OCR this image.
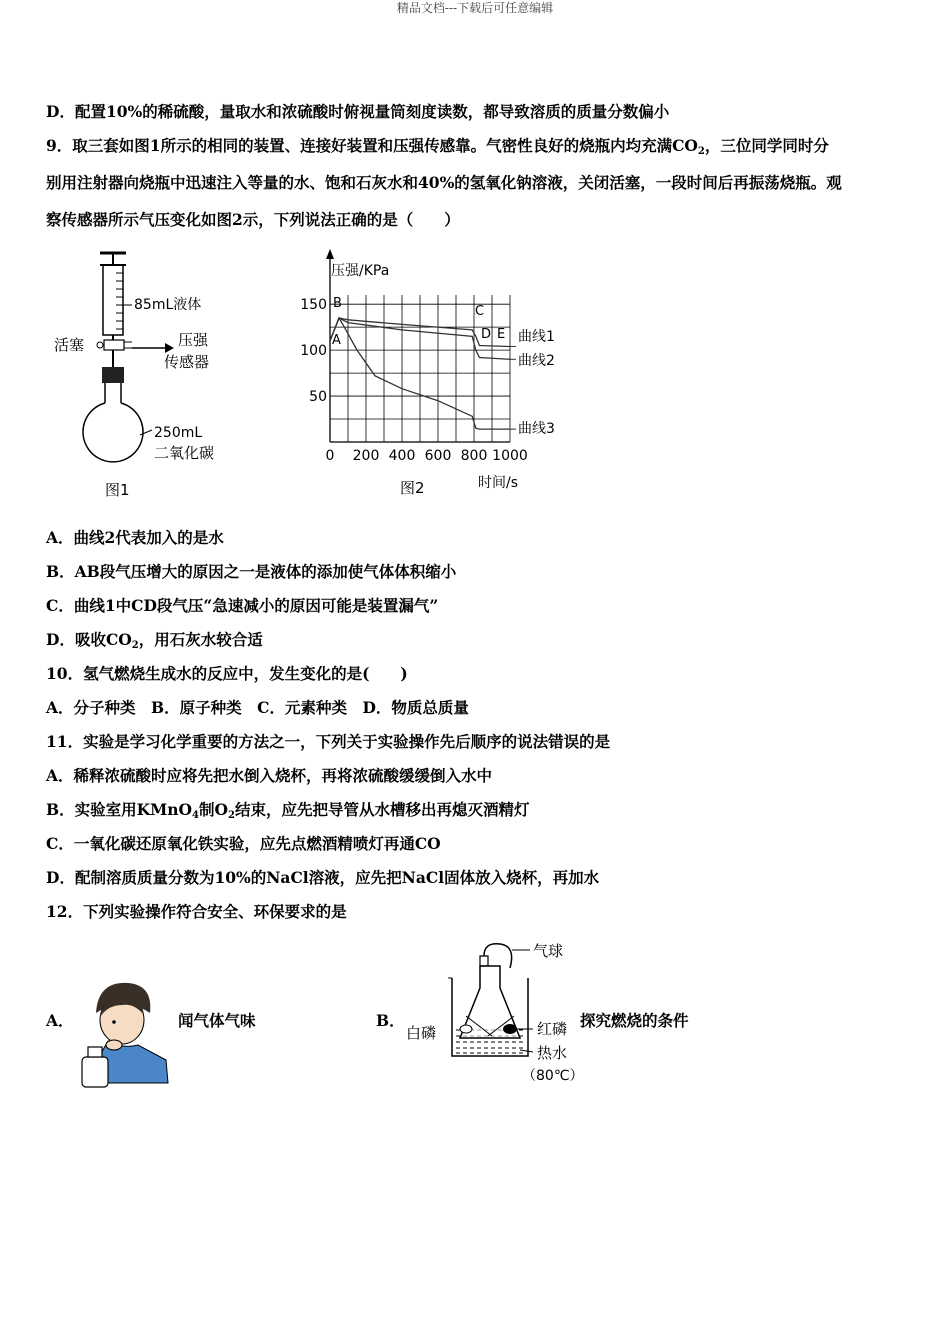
精品文档---下载后可任意编辑
D．配置10%的稀硫酸，量取水和浓硫酸时俯视量筒刻度读数，都导致溶质的质量分数偏小
9．取三套如图1所示的相同的装置、连接好装置和压强传感靠。气密性良好的烧瓶内均充满$CO_2$，三位同学同时分
别用注射器向烧瓶中迅速注入等量的水、饱和石灰水和40%的氢氧化钠溶液，关闭活塞，一段时间后再振荡烧瓶。观
察传感器所示气压变化如图2示，下列说法正确的是（　　）
85mL液体
活塞	压强
传感器
250mL
二氧化碳
图1
0 200 400 600 800 1000
50
100
150
压强/KPa
时间/s
图2
B
A
C
D E 曲线1
曲线2
曲线3
A．曲线2代表加入的是水
B．AB段气压增大的原因之一是液体的添加使气体体积缩小
C．曲线1中CD段气压“急速减小的原因可能是装置漏气”
D．吸收$CO_2$，用石灰水较合适
10．氢气燃烧生成水的反应中，发生变化的是(　　)
A．分子种类　B．原子种类　C．元素种类　D．物质总质量
11．实验是学习化学重要的方法之一，下列关于实验操作先后顺序的说法错误的是
A．稀释浓硫酸时应将先把水倒入烧杯，再将浓硫酸缓缓倒入水中
B．实验室用KMnO$_4$制$O_2$结束，应先把导管从水槽移出再熄灭酒精灯
C．一氧化碳还原氧化铁实验，应先点燃酒精喷灯再通CO
D．配制溶质质量分数为10%的NaCl溶液，应先把NaCl固体放入烧杯，再加水
12．下列实验操作符合安全、环保要求的是
A．	闻气体气味	B．
气球
白磷	红磷
热水
（80℃）
探究燃烧的条件
